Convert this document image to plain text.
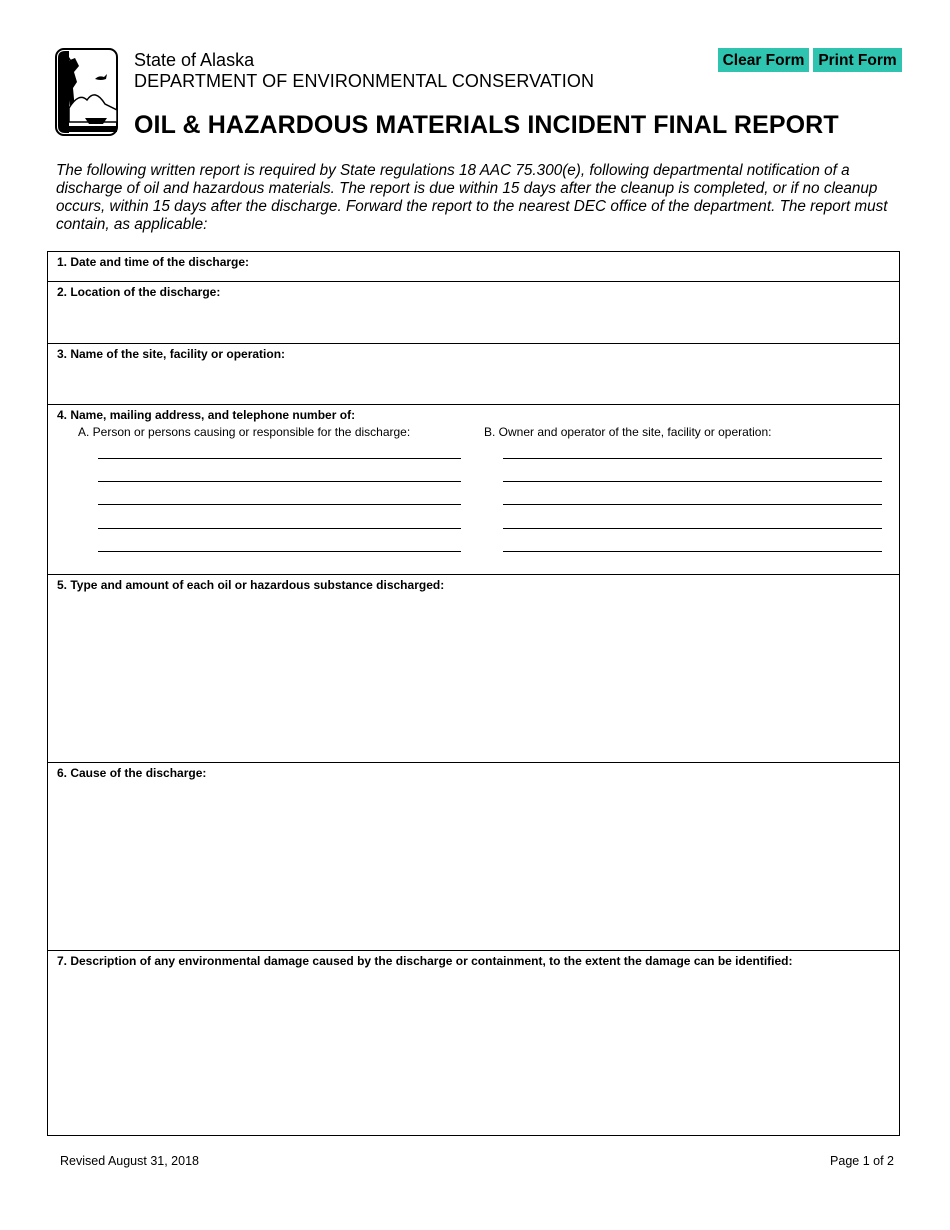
State of Alaska
DEPARTMENT OF ENVIRONMENTAL CONSERVATION
OIL & HAZARDOUS MATERIALS INCIDENT FINAL REPORT
Clear Form Print Form
The following written report is required by State regulations 18 AAC 75.300(e), following departmental notification of a discharge of oil and hazardous materials. The report is due within 15 days after the cleanup is completed, or if no cleanup occurs, within 15 days after the discharge. Forward the report to the nearest DEC office of the department. The report must contain, as applicable:
1. Date and time of the discharge:
2. Location of the discharge:
3. Name of the site, facility or operation:
4. Name, mailing address, and telephone number of:
A. Person or persons causing or responsible for the discharge:	B. Owner and operator of the site, facility or operation:
5. Type and amount of each oil or hazardous substance discharged:
6. Cause of the discharge:
7. Description of any environmental damage caused by the discharge or containment, to the extent the damage can be identified:
Revised August 31, 2018	Page 1 of 2
